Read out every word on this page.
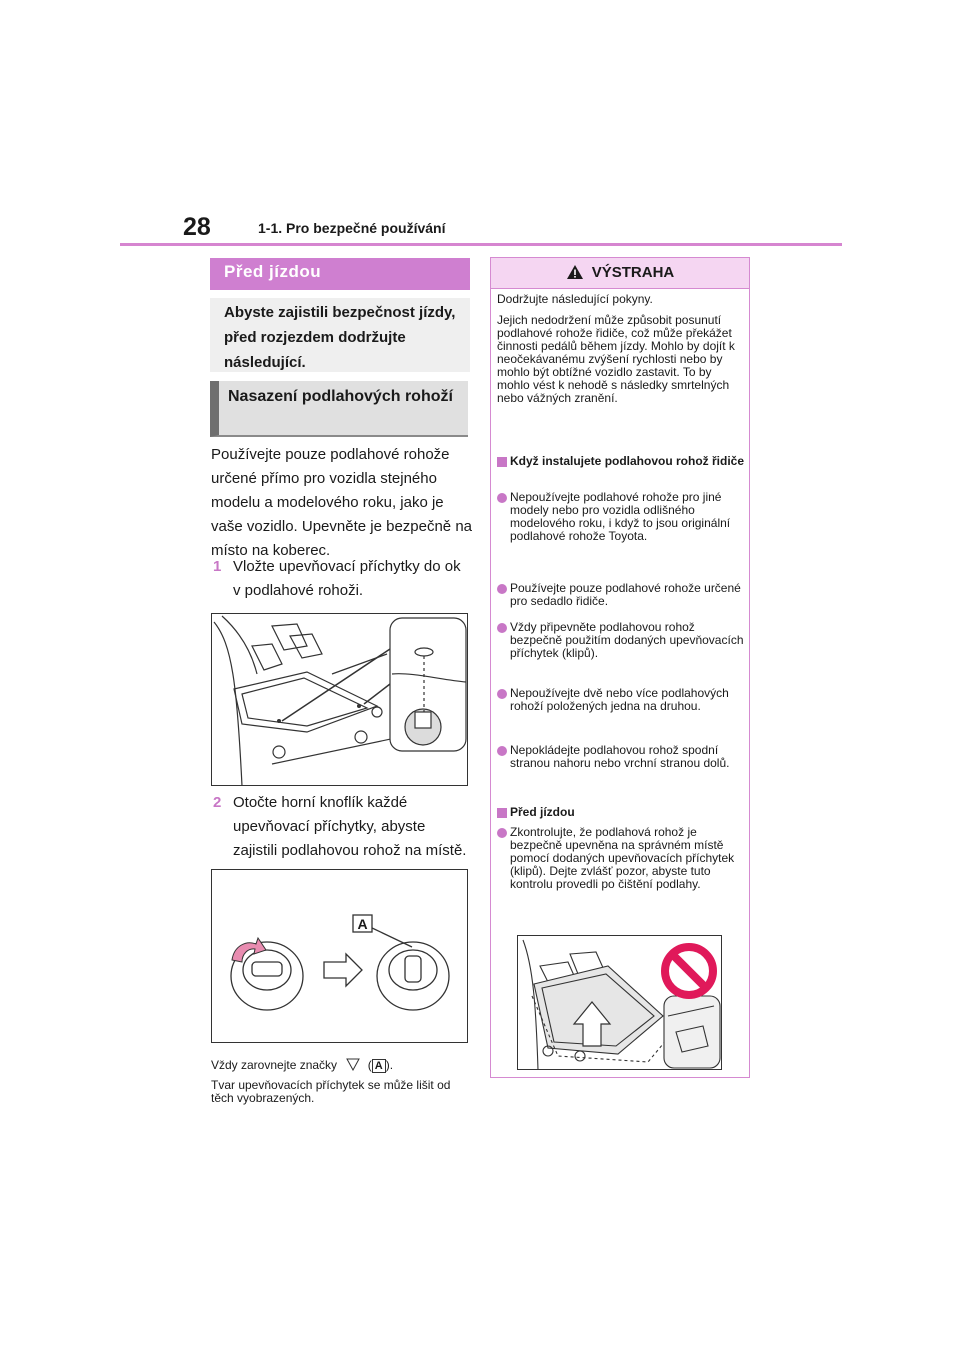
28	1-1. Pro bezpečné používání
Před jízdou
Abyste zajistili bezpečnost jízdy, před rozjezdem dodržujte následující.
Nasazení podlahových rohoží
Používejte pouze podlahové rohože určené přímo pro vozidla stejného modelu a modelového roku, jako je vaše vozidlo. Upevněte je bezpečně na místo na koberec.
1 Vložte upevňovací příchytky do ok v podlahové rohoži.
2 Otočte horní knoflík každé upevňovací příchytky, abyste zajistili podlahovou rohož na místě.
A
Vždy zarovnejte značky	( A ).
Tvar upevňovacích příchytek se může lišit od těch vyobrazených.
VÝSTRAHA
Dodržujte následující pokyny.
Jejich nedodržení může způsobit posunutí podlahové rohože řidiče, což může překážet činnosti pedálů během jízdy. Mohlo by dojít k neočekávanému zvýšení rychlosti nebo by mohlo být obtížné vozidlo zastavit. To by mohlo vést k nehodě s následky smrtelných nebo vážných zranění.
Když instalujete podlahovou rohož řidiče
Nepoužívejte podlahové rohože pro jiné modely nebo pro vozidla odlišného modelového roku, i když to jsou originální podlahové rohože Toyota.
Používejte pouze podlahové rohože určené pro sedadlo řidiče.
Vždy připevněte podlahovou rohož bezpečně použitím dodaných upevňovacích příchytek (klipů).
Nepoužívejte dvě nebo více podlahových rohoží položených jedna na druhou.
Nepokládejte podlahovou rohož spodní stranou nahoru nebo vrchní stranou dolů.
Před jízdou
Zkontrolujte, že podlahová rohož je bezpečně upevněna na správném místě pomocí dodaných upevňovacích příchytek (klipů). Dejte zvlášť pozor, abyste tuto kontrolu provedli po čištění podlahy.
